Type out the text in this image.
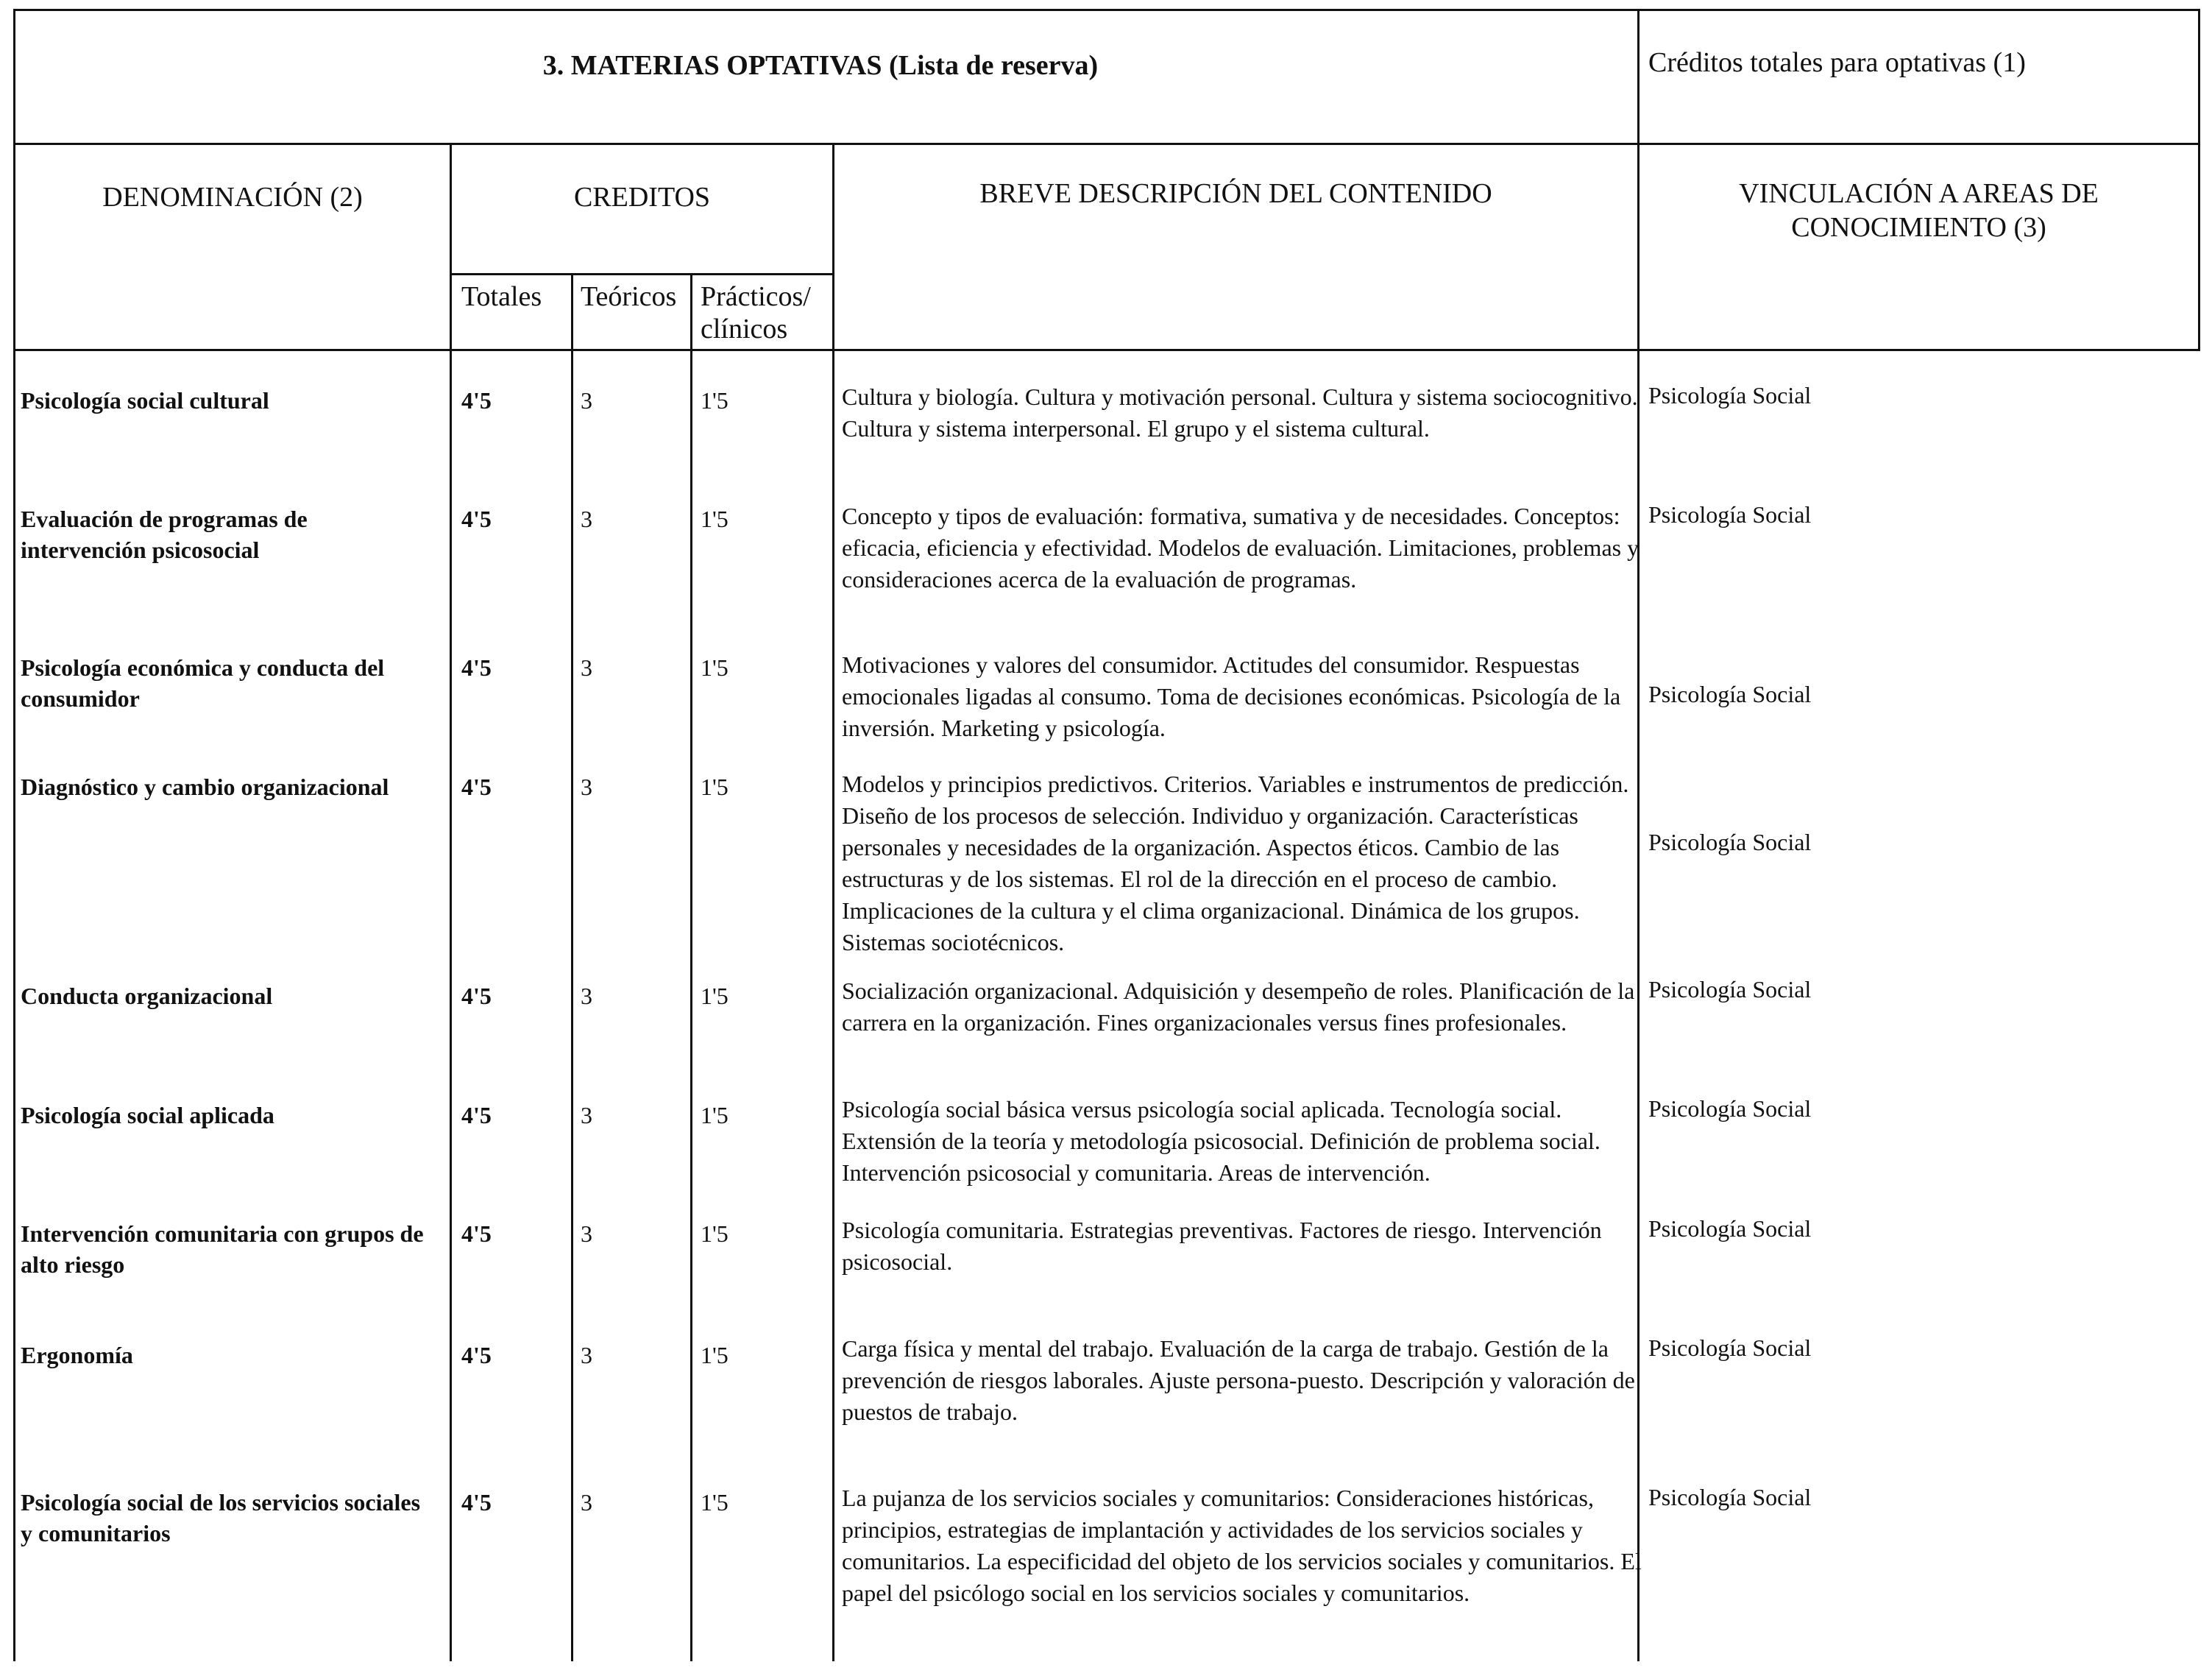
3. MATERIAS OPTATIVAS (Lista de reserva)	Créditos totales para optativas (1)
DENOMINACIÓN (2)	CREDITOS
Totales Teóricos Prácticos/
clínicos
BREVE DESCRIPCIÓN DEL CONTENIDO	VINCULACIÓN A AREAS DE
CONOCIMIENTO (3)
Psicología social cultural	4'5	3	1'5	Cultura y biología. Cultura y motivación personal. Cultura y sistema sociocognitivo. Cultura y sistema interpersonal. El grupo y el sistema cultural.
Psicología Social
Evaluación de programas de intervención psicosocial
4'5	3	1'5	Concepto y tipos de evaluación: formativa, sumativa y de necesidades. Conceptos: eficacia, eficiencia y efectividad. Modelos de evaluación. Limitaciones, problemas y consideraciones acerca de la evaluación de programas.
Psicología Social
Psicología económica y conducta del consumidor
4'5	3	1'5	Motivaciones y valores del consumidor. Actitudes del consumidor. Respuestas emocionales ligadas al consumo. Toma de decisiones económicas. Psicología de la inversión. Marketing y psicología.
Psicología Social
Diagnóstico y cambio organizacional	4'5	3	1'5	Modelos y principios predictivos. Criterios. Variables e instrumentos de predicción. Diseño de los procesos de selección. Individuo y organización. Características personales y necesidades de la organización. Aspectos éticos. Cambio de las estructuras y de los sistemas. El rol de la dirección en el proceso de cambio. Implicaciones de la cultura y el clima organizacional. Dinámica de los grupos. Sistemas sociotécnicos.
Psicología Social
Conducta organizacional	4'5	3	1'5	Socialización organizacional. Adquisición y desempeño de roles. Planificación de la carrera en la organización. Fines organizacionales versus fines profesionales.
Psicología Social
Psicología social aplicada	4'5	3	1'5	Psicología social básica versus psicología social aplicada. Tecnología social. Extensión de la teoría y metodología psicosocial. Definición de problema social. Intervención psicosocial y comunitaria. Areas de intervención.
Psicología Social
Intervención comunitaria con grupos de alto riesgo
4'5	3	1'5	Psicología comunitaria. Estrategias preventivas. Factores de riesgo. Intervención psicosocial.
Psicología Social
Ergonomía	4'5	3	1'5	Carga física y mental del trabajo. Evaluación de la carga de trabajo. Gestión de la prevención de riesgos laborales. Ajuste persona-puesto. Descripción y valoración de puestos de trabajo.
Psicología Social
Psicología social de los servicios sociales y comunitarios
4'5	3	1'5	La pujanza de los servicios sociales y comunitarios: Consideraciones históricas, principios, estrategias de implantación y actividades de los servicios sociales y comunitarios. La especificidad del objeto de los servicios sociales y comunitarios. El papel del psicólogo social en los servicios sociales y comunitarios.
Psicología Social
